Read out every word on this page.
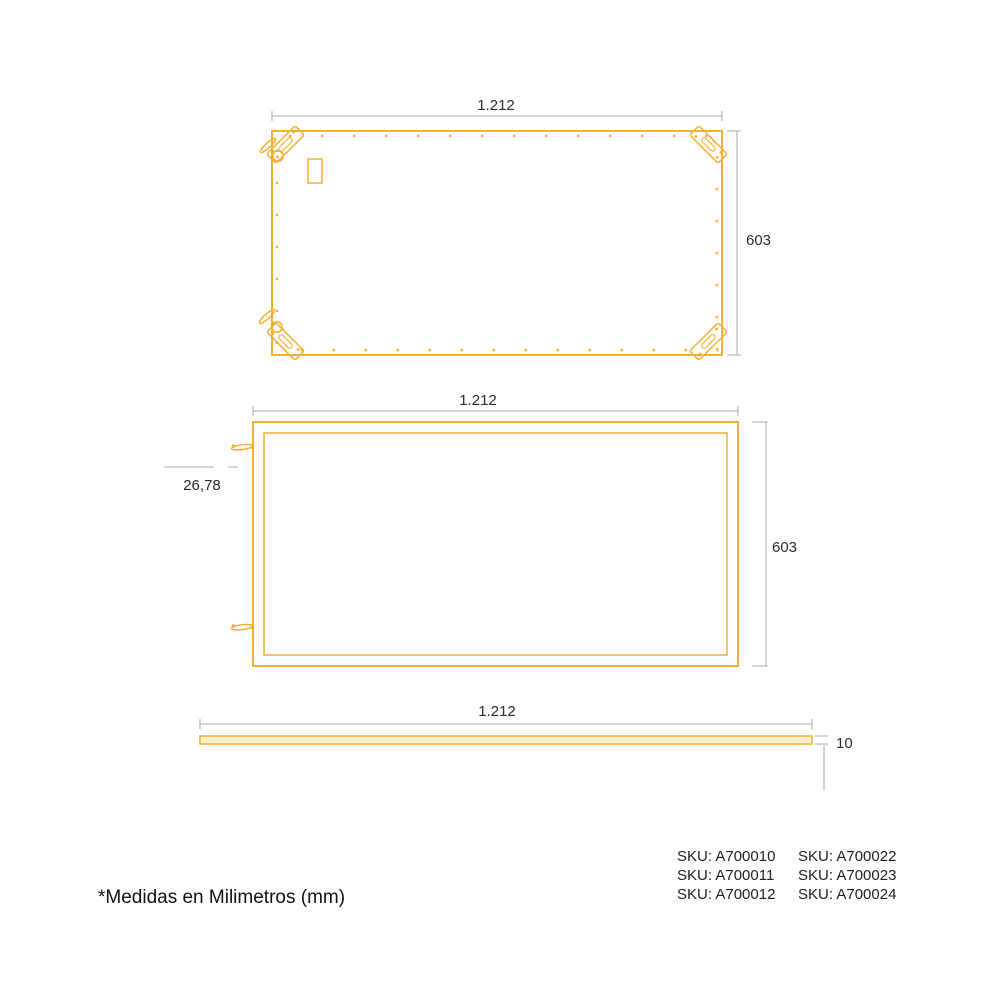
1.212
603
1.212
603
26,78
1.212
10
*Medidas en Milimetros (mm)
SKU: A700010
SKU: A700011
SKU: A700012
SKU: A700022
SKU: A700023
SKU: A700024
